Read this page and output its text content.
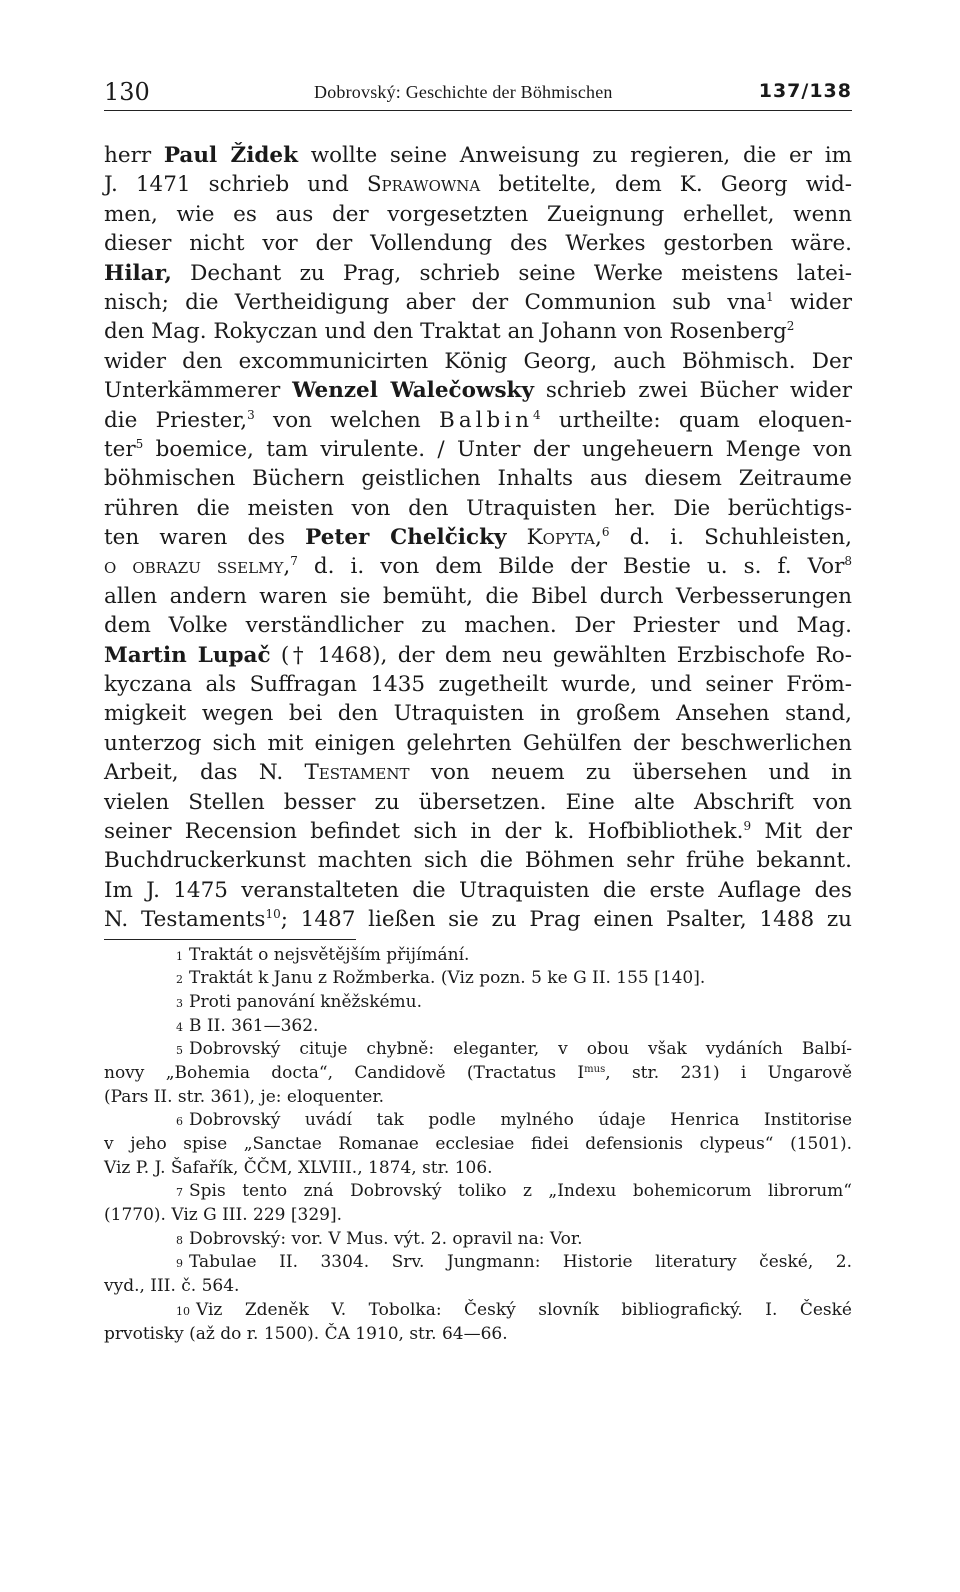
130	Dobrovský: Geschichte der Böhmischen	137/138
herr Paul Židek wollte seine Anweisung zu regieren, die er im
J. 1471 schrieb und Sprawowna betitelte, dem K. Georg wid-
men, wie es aus der vorgesetzten Zueignung erhellet, wenn
dieser nicht vor der Vollendung des Werkes gestorben wäre.
Hilar, Dechant zu Prag, schrieb seine Werke meistens latei-
nisch; die Vertheidigung aber der Communion sub vna$^1$ wider
den Mag. Rokyczan und den Traktat an Johann von Rosenberg$^2$
wider den excommunicirten König Georg, auch Böhmisch. Der
Unterkämmerer Wenzel Walečowsky schrieb zwei Bücher wider
die Priester,$^3$ von welchen Balbin$^4$ urtheilte: quam eloquen-
ter$^5$ boemice, tam virulente. / Unter der ungeheuern Menge von
böhmischen Büchern geistlichen Inhalts aus diesem Zeitraume
rühren die meisten von den Utraquisten her. Die berüchtigs-
ten waren des Peter Chelčicky Kopyta,$^6$ d. i. Schuhleisten,
o obrazu sselmy,$^7$ d. i. von dem Bilde der Bestie u. s. f. Vor$^8$
allen andern waren sie bemüht, die Bibel durch Verbesserungen
dem Volke verständlicher zu machen. Der Priester und Mag.
Martin Lupač († 1468), der dem neu gewählten Erzbischofe Ro-
kyczana als Suffragan 1435 zugetheilt wurde, und seiner Fröm-
migkeit wegen bei den Utraquisten in großem Ansehen stand,
unterzog sich mit einigen gelehrten Gehülfen der beschwerlichen
Arbeit, das N. Testament von neuem zu übersehen und in
vielen Stellen besser zu übersetzen. Eine alte Abschrift von
seiner Recension befindet sich in der k. Hofbibliothek.$^9$ Mit der
Buchdruckerkunst machten sich die Böhmen sehr frühe bekannt.
Im J. 1475 veranstalteten die Utraquisten die erste Auflage des
N. Testaments$^{10}$; 1487 ließen sie zu Prag einen Psalter, 1488 zu
1 Traktát o nejsvětějším přijímání.
2 Traktát k Janu z Rožmberka. (Viz pozn. 5 ke G II. 155 [140].
3 Proti panování kněžskému.
4 B II. 361—362.
5 Dobrovský cituje chybně: eleganter, v obou však vydáních Balbí-
novy „Bohemia docta“, Candidově (Tractatus $I^{mus}$, str. 231) i Ungarově
(Pars II. str. 361), je: eloquenter.
6 Dobrovský uvádí tak podle mylného údaje Henrica Institorise
v jeho spise „Sanctae Romanae ecclesiae fidei defensionis clypeus“ (1501).
Viz P. J. Šafařík, ČČM, XLVIII., 1874, str. 106.
7 Spis tento zná Dobrovský toliko z „Indexu bohemicorum librorum“
(1770). Viz G III. 229 [329].
8 Dobrovský: vor. V Mus. výt. 2. opravil na: Vor.
9 Tabulae II. 3304. Srv. Jungmann: Historie literatury české, 2.
vyd., III. č. 564.
10 Viz Zdeněk V. Tobolka: Český slovník bibliografický. I. České
prvotisky (až do r. 1500). ČA 1910, str. 64—66.
